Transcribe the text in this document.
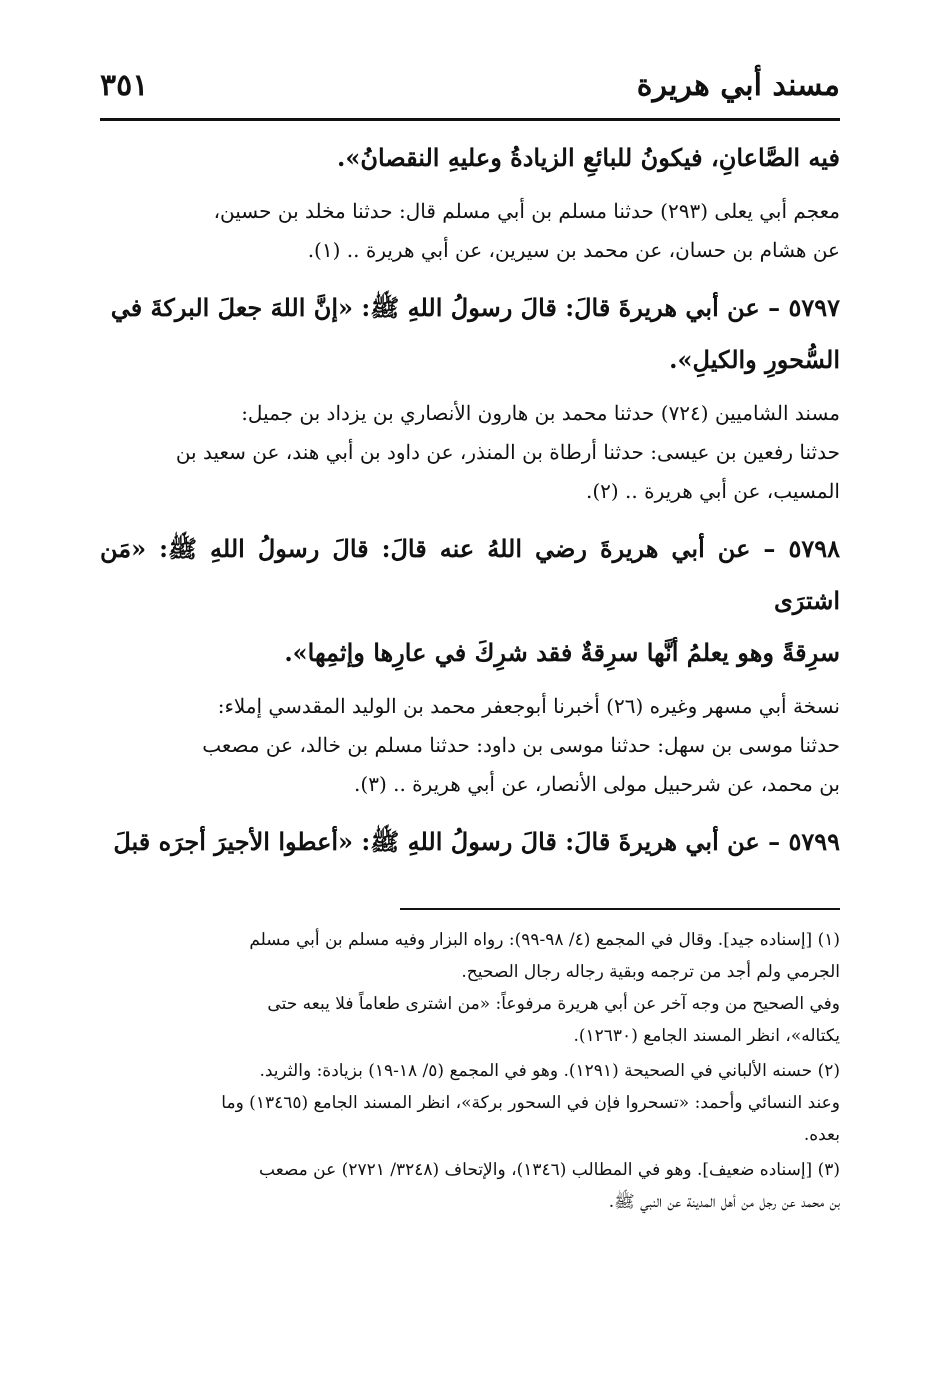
مسند أبي هريرة
٣٥١

فيه الصَّاعانِ، فيكونُ للبائعِ الزيادةُ وعليهِ النقصانُ».

معجم أبي يعلى (٢٩٣) حدثنا مسلم بن أبي مسلم قال: حدثنا مخلد بن حسين،

عن هشام بن حسان، عن محمد بن سيرين، عن أبي هريرة .. (١).

٥٧٩٧ – عن أبي هريرةَ قالَ: قالَ رسولُ اللهِ ﷺ: «إنَّ اللهَ جعلَ البركةَ في

السُّحورِ والكيلِ».

مسند الشاميين (٧٢٤) حدثنا محمد بن هارون الأنصاري بن يزداد بن جميل:

حدثنا رفعين بن عيسى: حدثنا أرطاة بن المنذر، عن داود بن أبي هند، عن سعيد بن

المسيب، عن أبي هريرة .. (٢).

٥٧٩٨ – عن أبي هريرةَ رضي اللهُ عنه قالَ: قالَ رسولُ اللهِ ﷺ: «مَن اشترَى

سرِقةً وهو يعلمُ أنَّها سرِقةٌ فقد شرِكَ في عارِها وإثمِها».

نسخة أبي مسهر وغيره (٢٦) أخبرنا أبوجعفر محمد بن الوليد المقدسي إملاء:

حدثنا موسى بن سهل: حدثنا موسى بن داود: حدثنا مسلم بن خالد، عن مصعب

بن محمد، عن شرحبيل مولى الأنصار، عن أبي هريرة .. (٣).

٥٧٩٩ – عن أبي هريرةَ قالَ: قالَ رسولُ اللهِ ﷺ: «أعطوا الأجيرَ أجرَه قبلَ

(١) [إسناده جيد]. وقال في المجمع (٤/ ٩٨-٩٩): رواه البزار وفيه مسلم بن أبي مسلم

الجرمي ولم أجد من ترجمه وبقية رجاله رجال الصحيح.

وفي الصحيح من وجه آخر عن أبي هريرة مرفوعاً: «من اشترى طعاماً فلا يبعه حتى

يكتاله»، انظر المسند الجامع (١٢٦٣٠).

(٢) حسنه الألباني في الصحيحة (١٢٩١). وهو في المجمع (٥/ ١٨-١٩) بزيادة: والثريد.

وعند النسائي وأحمد: «تسحروا فإن في السحور بركة»، انظر المسند الجامع (١٣٤٦٥) وما

بعده.

(٣) [إسناده ضعيف]. وهو في المطالب (١٣٤٦)، والإتحاف (٣٢٤٨/ ٢٧٢١) عن مصعب

بن محمد عن رجل من أهل المدينة عن النبي ﷺ.
